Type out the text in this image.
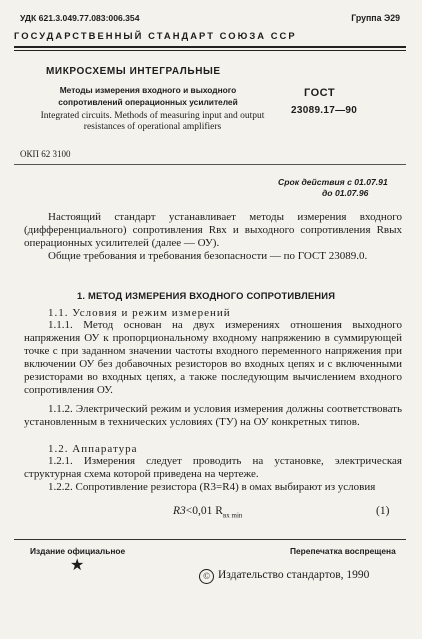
УДК 621.3.049.77.083:006.354	Группа Э29
ГОСУДАРСТВЕННЫЙ СТАНДАРТ СОЮЗА ССР
МИКРОСХЕМЫ ИНТЕГРАЛЬНЫЕ
Методы измерения входного и выходного сопротивлений операционных усилителей
Integrated circuits. Methods of measuring input and output resistances of operational amplifiers
ГОСТ
23089.17—90
ОКП 62 3100
Срок действия с 01.07.91
до 01.07.96
Настоящий стандарт устанавливает методы измерения входного (дифференциального) сопротивления Rвх и выходного сопротивления Rвых операционных усилителей (далее — ОУ).
Общие требования и требования безопасности — по ГОСТ 23089.0.
1. МЕТОД ИЗМЕРЕНИЯ ВХОДНОГО СОПРОТИВЛЕНИЯ
1.1. Условия и режим измерений
1.1.1. Метод основан на двух измерениях отношения выходного напряжения ОУ к пропорциональному входному напряжению в суммирующей точке с при заданном значении частоты входного переменного напряжения при включении ОУ без добавочных резисторов во входных цепях и с включенными резисторами во входных цепях, а также последующим вычислением входного сопротивления ОУ.
1.1.2. Электрический режим и условия измерения должны соответствовать установленным в технических условиях (ТУ) на ОУ конкретных типов.
1.2. Аппаратура
1.2.1. Измерения следует проводить на установке, электрическая структурная схема которой приведена на чертеже.
1.2.2. Сопротивление резистора (R3=R4) в омах выбирают из условия
R3<0,01 $R_{вх min}$	(1)
Издание официальное	Перепечатка воспрещена
★
© Издательство стандартов, 1990
